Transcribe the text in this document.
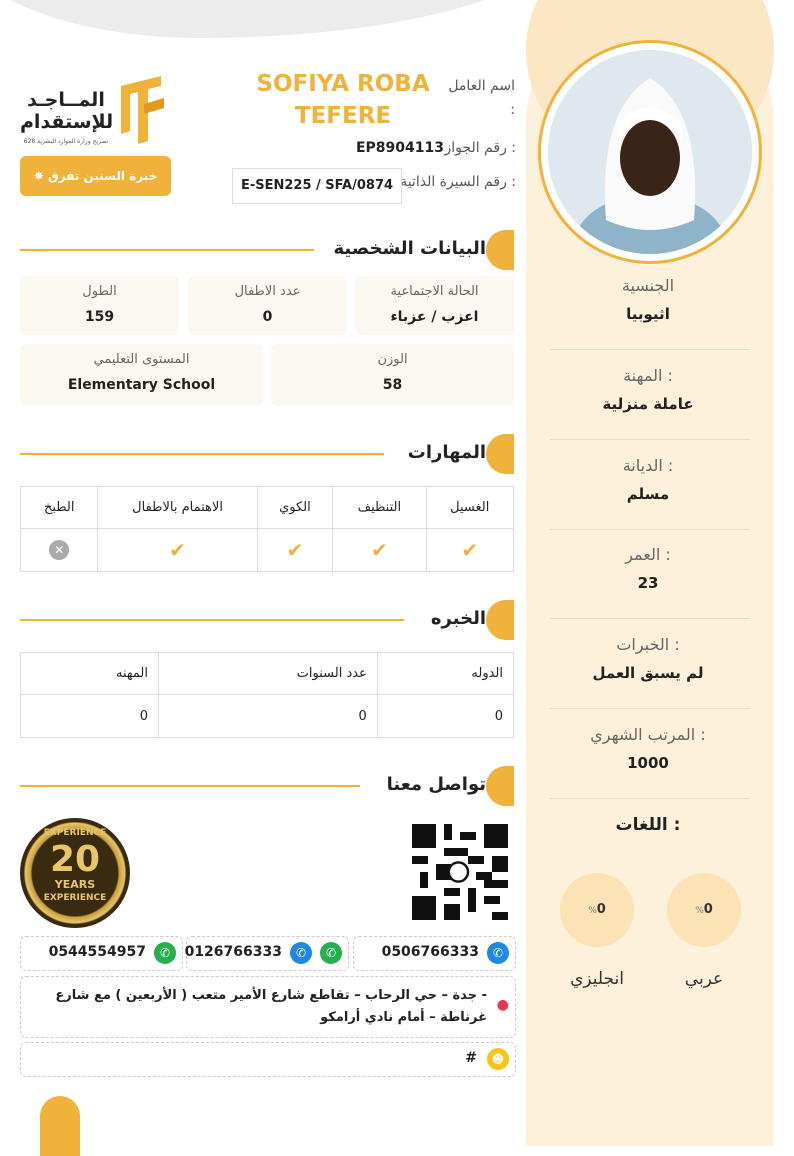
الجنسية
اثيوبيا
المهنة :
عاملة منزلية
الديانة :
مسلم
العمر :
23
الخبرات :
لم يسبق العمل
المرتب الشهري :
1000
اللغات :
%0
%0
عربي
انجليزي
المــاجـد
للإستقدام
تصريح وزارة الموارد البشرية 628
✸ خبرة السنين تفرق
اسم العامل
:
SOFIYA ROBA
TEFERE
رقم الجواز :
EP8904113
رقم السيرة الذاتية :
E-SEN225 / SFA/0874
البيانات الشخصية
الحالة الاجتماعية
اعزب / عزباء
عدد الاطفال
0
الطول
159
الوزن
58
المستوى التعليمي
Elementary School
المهارات
الطبخ	الاهتمام بالاطفال	الكوي	التنظيف	الغسيل
✕	✔	✔	✔	✔
الخبره
المهنه	عدد السنوات	الدوله
0	0	0
تواصل معنا
EXPERIENCE
20
YEARS
EXPERIENCE
0506766333	✆
0126766333	✆	✆
0544554957	✆
●
- جدة – حي الرحاب – تقاطع شارع الأمير متعب ( الأربعين ) مع شارع غرناطة – أمام نادي أرامكو
☻
#
